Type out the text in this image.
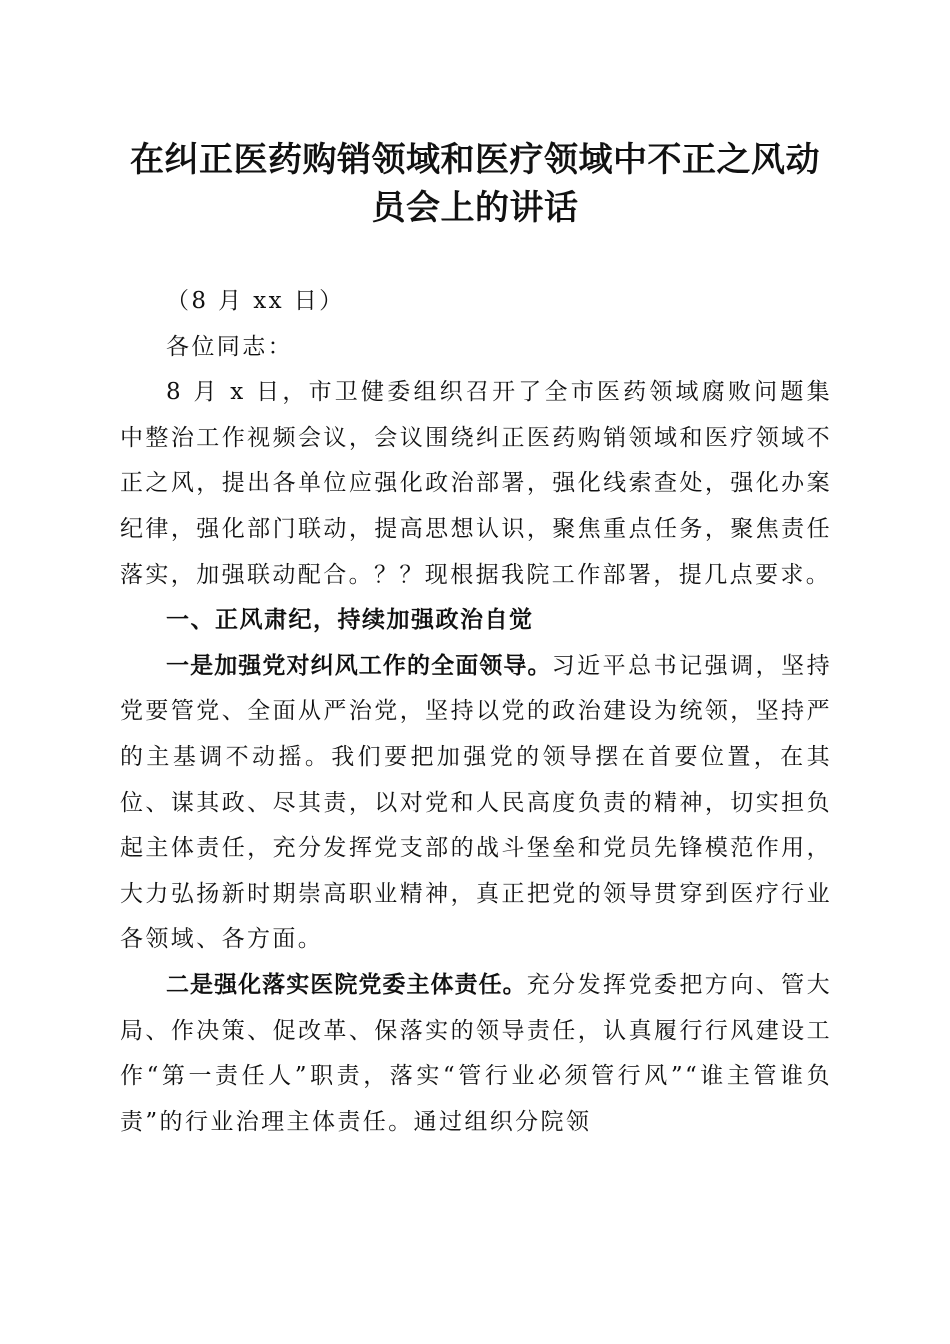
在纠正医药购销领域和医疗领域中不正之风动
员会上的讲话

（8 月 xx 日）

各位同志：

8 月 x 日，市卫健委组织召开了全市医药领域腐败问题集中整治工作视频会议，会议围绕纠正医药购销领域和医疗领域不正之风，提出各单位应强化政治部署，强化线索查处，强化办案纪律，强化部门联动，提高思想认识，聚焦重点任务，聚焦责任落实，加强联动配合。？？现根据我院工作部署，提几点要求。

一、正风肃纪，持续加强政治自觉

一是加强党对纠风工作的全面领导。习近平总书记强调，坚持党要管党、全面从严治党，坚持以党的政治建设为统领，坚持严的主基调不动摇。我们要把加强党的领导摆在首要位置，在其位、谋其政、尽其责，以对党和人民高度负责的精神，切实担负起主体责任，充分发挥党支部的战斗堡垒和党员先锋模范作用，大力弘扬新时期崇高职业精神，真正把党的领导贯穿到医疗行业各领域、各方面。

二是强化落实医院党委主体责任。充分发挥党委把方向、管大局、作决策、促改革、保落实的领导责任，认真履行行风建设工作“第一责任人”职责，落实“管行业必须管行风”“谁主管谁负责”的行业治理主体责任。通过组织分院领
